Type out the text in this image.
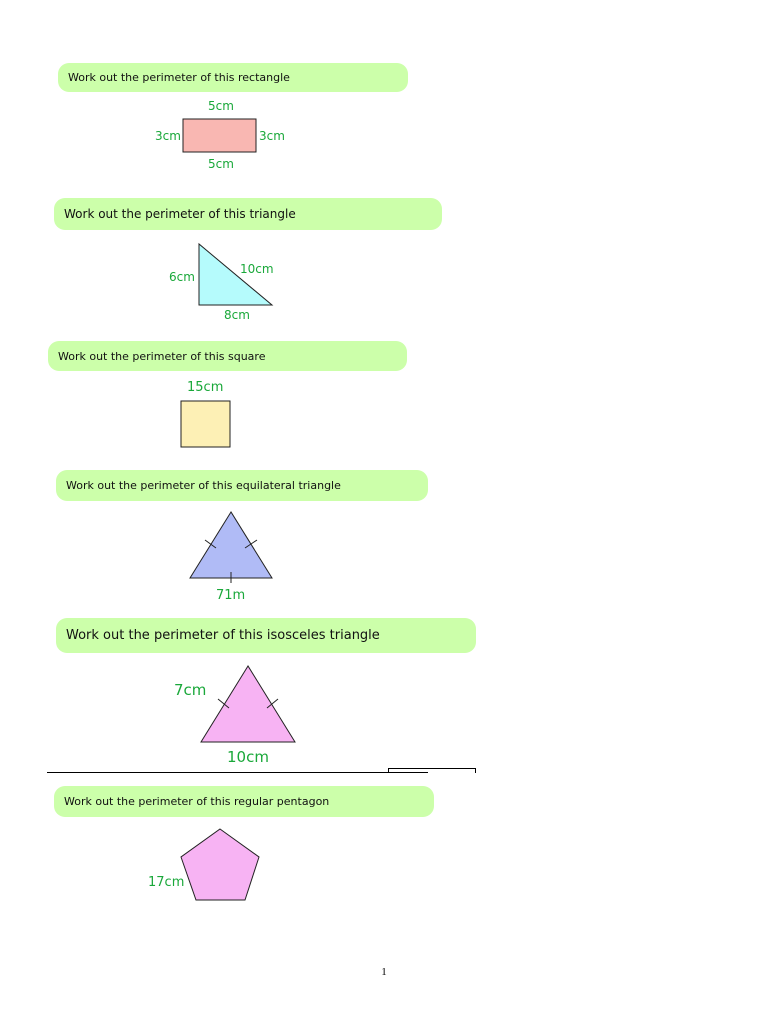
Work out the perimeter of this rectangle
5cm
3cm	3cm
5cm
Work out the perimeter of this triangle
6cm
10cm
8cm
Work out the perimeter of this square
15cm
Work out the perimeter of this equilateral triangle
71m
Work out the perimeter of this isosceles triangle
7cm
10cm
Work out the perimeter of this regular pentagon
17cm
1
